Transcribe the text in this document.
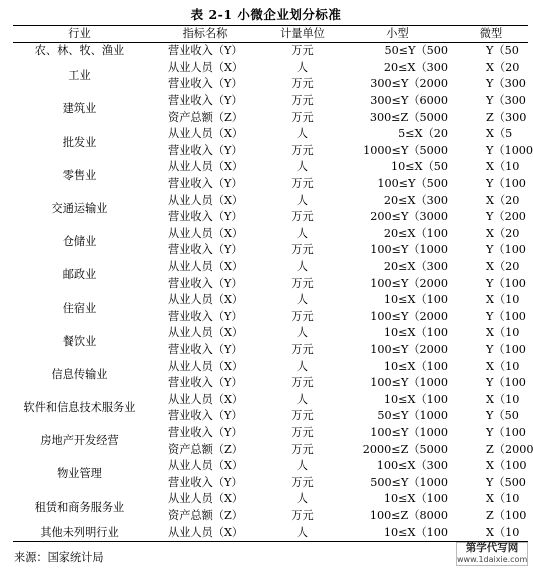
表 2-1 小微企业划分标准
行业	指标名称	计量单位	小型	微型
农、林、牧、渔业	营业收入（Y）	万元	50≤Y（500	Y（50
工业	从业人员（X）	人	20≤X（300	X（20
	营业收入（Y）	万元	300≤Y（2000	Y（300
建筑业	营业收入（Y）	万元	300≤Y（6000	Y（300
	资产总额（Z）	万元	300≤Z（5000	Z（300
批发业	从业人员（X）	人	5≤X（20	X（5
	营业收入（Y）	万元	1000≤Y（5000	Y（1000
零售业	从业人员（X）	人	10≤X（50	X（10
	营业收入（Y）	万元	100≤Y（500	Y（100
交通运输业	从业人员（X）	人	20≤X（300	X（20
	营业收入（Y）	万元	200≤Y（3000	Y（200
仓储业	从业人员（X）	人	20≤X（100	X（20
	营业收入（Y）	万元	100≤Y（1000	Y（100
邮政业	从业人员（X）	人	20≤X（300	X（20
	营业收入（Y）	万元	100≤Y（2000	Y（100
住宿业	从业人员（X）	人	10≤X（100	X（10
	营业收入（Y）	万元	100≤Y（2000	Y（100
餐饮业	从业人员（X）	人	10≤X（100	X（10
	营业收入（Y）	万元	100≤Y（2000	Y（100
信息传输业	从业人员（X）	人	10≤X（100	X（10
	营业收入（Y）	万元	100≤Y（1000	Y（100
软件和信息技术服务业	从业人员（X）	人	10≤X（100	X（10
	营业收入（Y）	万元	50≤Y（1000	Y（50
房地产开发经营	营业收入（Y）	万元	100≤Y（1000	Y（100
	资产总额（Z）	万元	2000≤Z（5000	Z（2000
物业管理	从业人员（X）	人	100≤X（300	X（100
	营业收入（Y）	万元	500≤Y（1000	Y（500
租赁和商务服务业	从业人员（X）	人	10≤X（100	X（10
	资产总额（Z）	万元	100≤Z（8000	Z（100
其他未列明行业	从业人员（X）	人	10≤X（100	X（10
来源：国家统计局
第学代写网
www.1daixie.com
